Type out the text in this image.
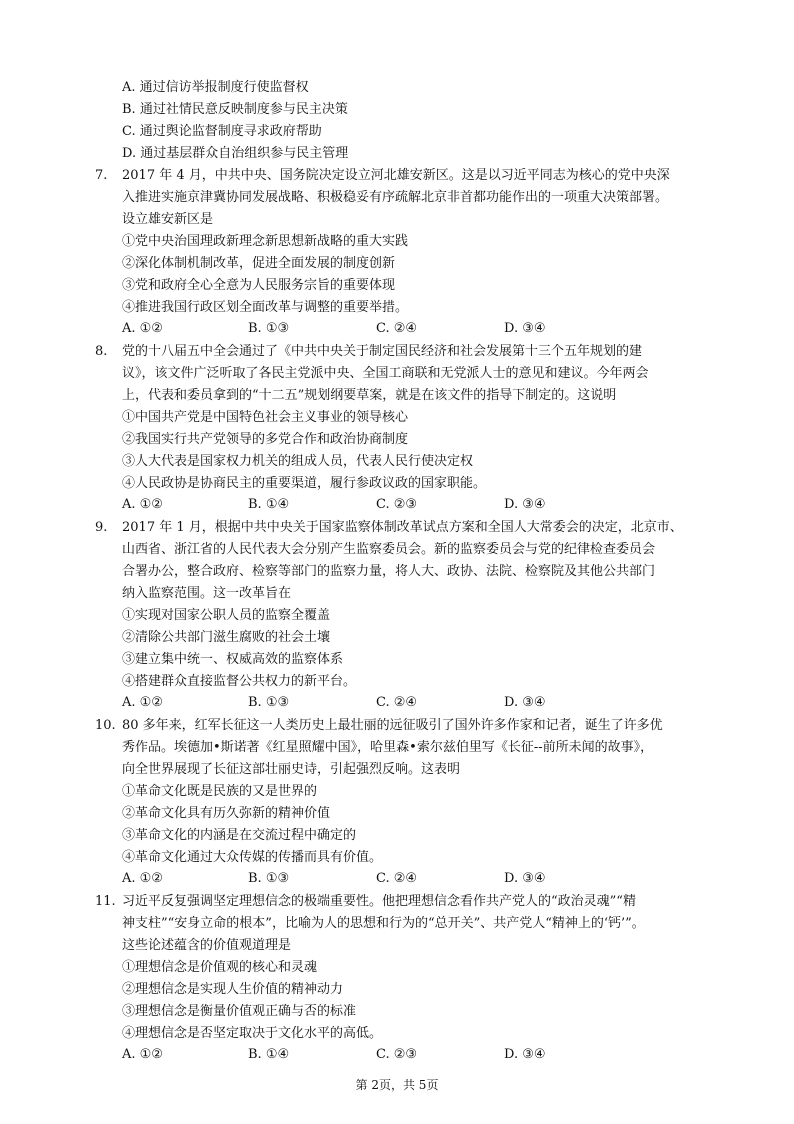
A. 通过信访举报制度行使监督权
B. 通过社情民意反映制度参与民主决策
C. 通过舆论监督制度寻求政府帮助
D. 通过基层群众自治组织参与民主管理
7. 2017 年 4 月，中共中央、国务院决定设立河北雄安新区。这是以习近平同志为核心的党中央深
入推进实施京津冀协同发展战略、积极稳妥有序疏解北京非首都功能作出的一项重大决策部署。
设立雄安新区是
①党中央治国理政新理念新思想新战略的重大实践
②深化体制机制改革，促进全面发展的制度创新
③党和政府全心全意为人民服务宗旨的重要体现
④推进我国行政区划全面改革与调整的重要举措。
A. ①②	B. ①③	C. ②④	D. ③④
8. 党的十八届五中全会通过了《中共中央关于制定国民经济和社会发展第十三个五年规划的建
议》，该文件广泛听取了各民主党派中央、全国工商联和无党派人士的意见和建议。今年两会
上，代表和委员拿到的“十二五”规划纲要草案，就是在该文件的指导下制定的。这说明
①中国共产党是中国特色社会主义事业的领导核心
②我国实行共产党领导的多党合作和政治协商制度
③人大代表是国家权力机关的组成人员，代表人民行使决定权
④人民政协是协商民主的重要渠道，履行参政议政的国家职能。
A. ①②	B. ①④	C. ②③	D. ③④
9. 2017 年 1 月，根据中共中央关于国家监察体制改革试点方案和全国人大常委会的决定，北京市、
山西省、浙江省的人民代表大会分别产生监察委员会。新的监察委员会与党的纪律检查委员会
合署办公，整合政府、检察等部门的监察力量，将人大、政协、法院、检察院及其他公共部门
纳入监察范围。这一改革旨在
①实现对国家公职人员的监察全覆盖
②清除公共部门滋生腐败的社会土壤
③建立集中统一、权威高效的监察体系
④搭建群众直接监督公共权力的新平台。
A. ①②	B. ①③	C. ②④	D. ③④
10. 80 多年来，红军长征这一人类历史上最壮丽的远征吸引了国外许多作家和记者，诞生了许多优
秀作品。埃德加•斯诺著《红星照耀中国》，哈里森•索尔兹伯里写《长征--前所未闻的故事》，
向全世界展现了长征这部壮丽史诗，引起强烈反响。这表明
①革命文化既是民族的又是世界的
②革命文化具有历久弥新的精神价值
③革命文化的内涵是在交流过程中确定的
④革命文化通过大众传媒的传播而具有价值。
A. ①②	B. ①③	C. ②④	D. ③④
11. 习近平反复强调坚定理想信念的极端重要性。他把理想信念看作共产党人的“政治灵魂”“精
神支柱”“安身立命的根本”，比喻为人的思想和行为的“总开关”、共产党人“精神上的‘钙’”。
这些论述蕴含的价值观道理是
①理想信念是价值观的核心和灵魂
②理想信念是实现人生价值的精神动力
③理想信念是衡量价值观正确与否的标准
④理想信念是否坚定取决于文化水平的高低。
A. ①②	B. ①④	C. ②③	D. ③④
第 2页，共 5页
